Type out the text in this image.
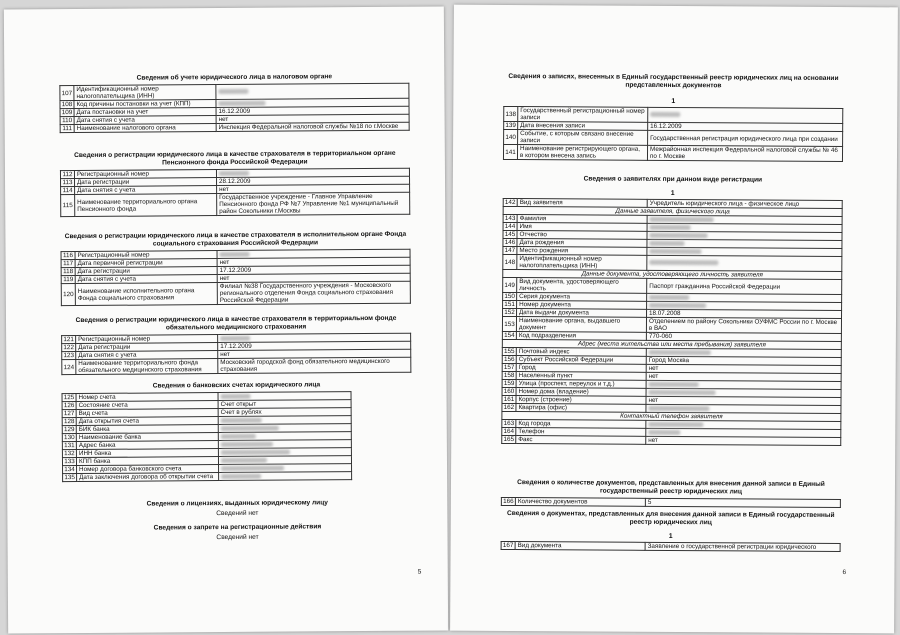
Сведения об учете юридического лица в налоговом органе
107	Идентификационный номер налогоплательщика (ИНН)	
108	Код причины постановки на учет (КПП)	
109	Дата постановки на учет	16.12.2009
110	Дата снятия с учета	нет
111	Наименование налогового органа	Инспекция Федеральной налоговой службы №18 по г.Москве
Сведения о регистрации юридического лица в качестве страхователя в территориальном органе Пенсионного фонда Российской Федерации
112	Регистрационный номер	
113	Дата регистрации	28.12.2009
114	Дата снятия с учета	нет
115	Наименование территориального органа Пенсионного фонда	Государственное учреждение - Главное Управление Пенсионного фонда РФ №7 Управление №1 муниципальный район Сокольники г.Москвы
Сведения о регистрации юридического лица в качестве страхователя в исполнительном органе Фонда социального страхования Российской Федерации
116	Регистрационный номер	
117	Дата первичной регистрации	нет
118	Дата регистрации	17.12.2009
119	Дата снятия с учета	нет
120	Наименование исполнительного органа Фонда социального страхования	Филиал №38 Государственного учреждения - Московского регионального отделения Фонда социального страхования Российской Федерации
Сведения о регистрации юридического лица в качестве страхователя в территориальном фонде обязательного медицинского страхования
121	Регистрационный номер	
122	Дата регистрации	17.12.2009
123	Дата снятия с учета	нет
124	Наименование территориального фонда обязательного медицинского страхования	Московский городской фонд обязательного медицинского страхования
Сведения о банковских счетах юридического лица
125	Номер счета	
126	Состояние счета	Счет открыт
127	Вид счета	Счет в рублях
128	Дата открытия счета	
129	БИК банка	
130	Наименование банка	
131	Адрес банка	
132	ИНН банка	
133	КПП банка	
134	Номер договора банковского счета	
135	Дата заключения договора об открытии счета	
Сведения о лицензиях, выданных юридическому лицу
Сведений нет
Сведения о запрете на регистрационные действия
Сведений нет
5
Сведения о записях, внесенных в Единый государственный реестр юридических лиц на основании представленных документов
1
138	Государственный регистрационный номер записи	
139	Дата внесения записи	16.12.2009
140	Событие, с которым связано внесение записи	Государственная регистрация юридического лица при создании
141	Наименование регистрирующего органа, в котором внесена запись	Межрайонная инспекция Федеральной налоговой службы № 46 по г. Москве
Сведения о заявителях при данном виде регистрации
1
142	Вид заявителя	Учредитель юридического лица - физическое лицо
Данные заявителя, физического лица		
143	Фамилия	
144	Имя	
145	Отчество	
146	Дата рождения	
147	Место рождения	
148	Идентификационный номер налогоплательщика (ИНН)	
Данные документа, удостоверяющего личность заявителя		
149	Вид документа, удостоверяющего личность	Паспорт гражданина Российской Федерации
150	Серия документа	
151	Номер документа	
152	Дата выдачи документа	18.07.2008
153	Наименование органа, выдавшего документ	Отделением по району Сокольники ОУФМС России по г. Москве в ВАО
154	Код подразделения	770-060
Адрес (места жительства или места пребывания) заявителя		
155	Почтовый индекс	
156	Субъект Российской Федерации	Город Москва
157	Город	нет
158	Населенный пункт	нет
159	Улица (проспект, переулок и т.д.)	
160	Номер дома (владение)	
161	Корпус (строение)	нет
162	Квартира (офис)	
Контактный телефон заявителя		
163	Код города	
164	Телефон	
165	Факс	нет
Сведения о количестве документов, представленных для внесения данной записи в Единый государственный реестр юридических лиц
166	Количество документов	5
Сведения о документах, представленных для внесения данной записи в Единый государственный реестр юридических лиц
1
167	Вид документа	Заявление о государственной регистрации юридического
6
